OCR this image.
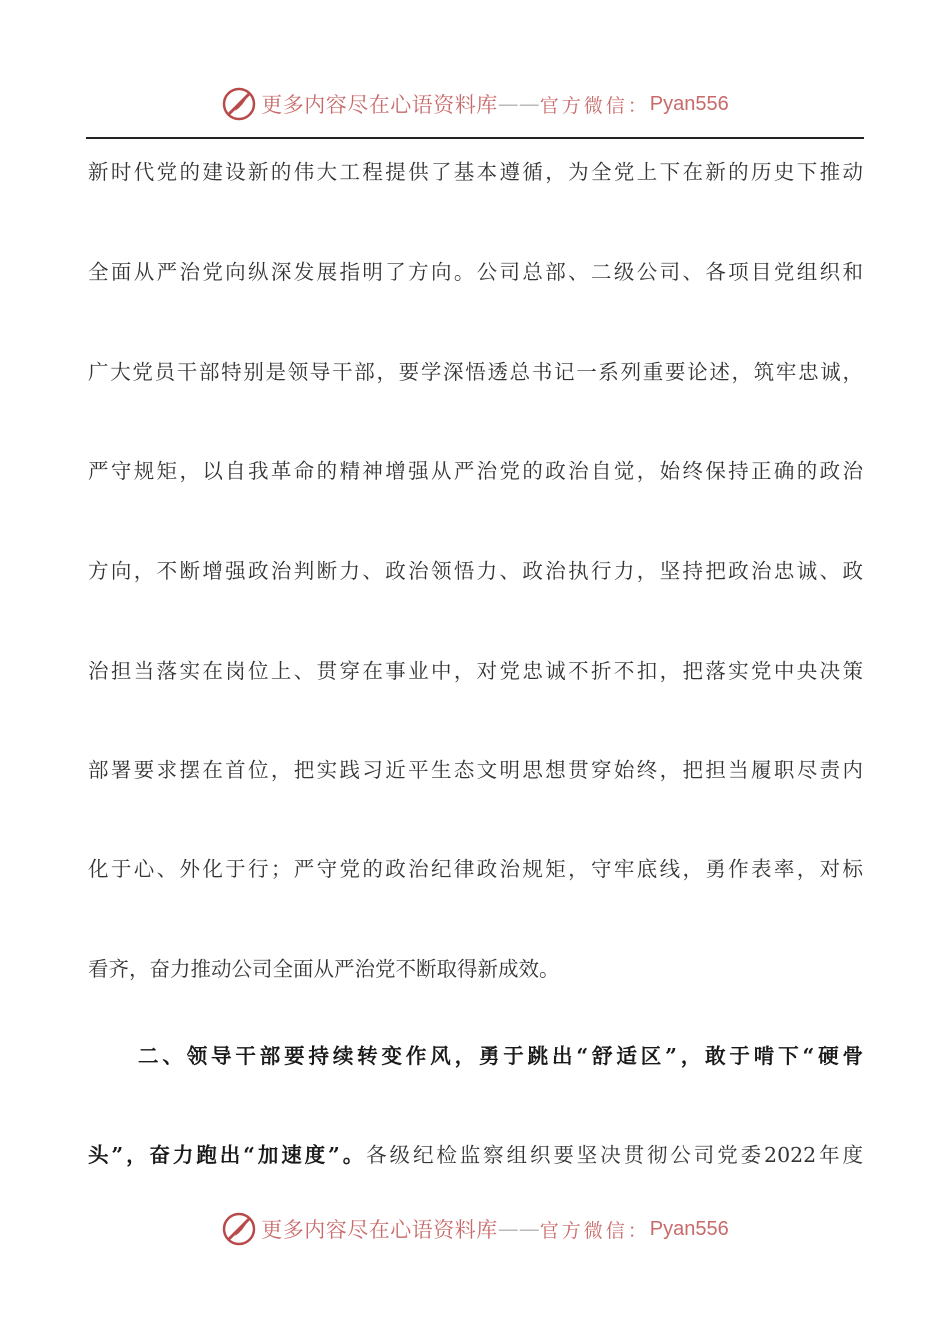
更多内容尽在心语资料库 —— 官方微信： Pyan556
新时代党的建设新的伟大工程提供了基本遵循，为全党上下在新的历史下推动
全面从严治党向纵深发展指明了方向。公司总部、二级公司、各项目党组织和
广大党员干部特别是领导干部，要学深悟透总书记一系列重要论述，筑牢忠诚，
严守规矩，以自我革命的精神增强从严治党的政治自觉，始终保持正确的政治
方向，不断增强政治判断力、政治领悟力、政治执行力，坚持把政治忠诚、政
治担当落实在岗位上、贯穿在事业中，对党忠诚不折不扣，把落实党中央决策
部署要求摆在首位，把实践习近平生态文明思想贯穿始终，把担当履职尽责内
化于心、外化于行；严守党的政治纪律政治规矩，守牢底线，勇作表率，对标
看齐，奋力推动公司全面从严治党不断取得新成效。
二、领导干部要持续转变作风，勇于跳出“舒适区”，敢于啃下“硬骨
头”，奋力跑出“加速度”。各级纪检监察组织要坚决贯彻公司党委2022年度
更多内容尽在心语资料库 —— 官方微信： Pyan556
